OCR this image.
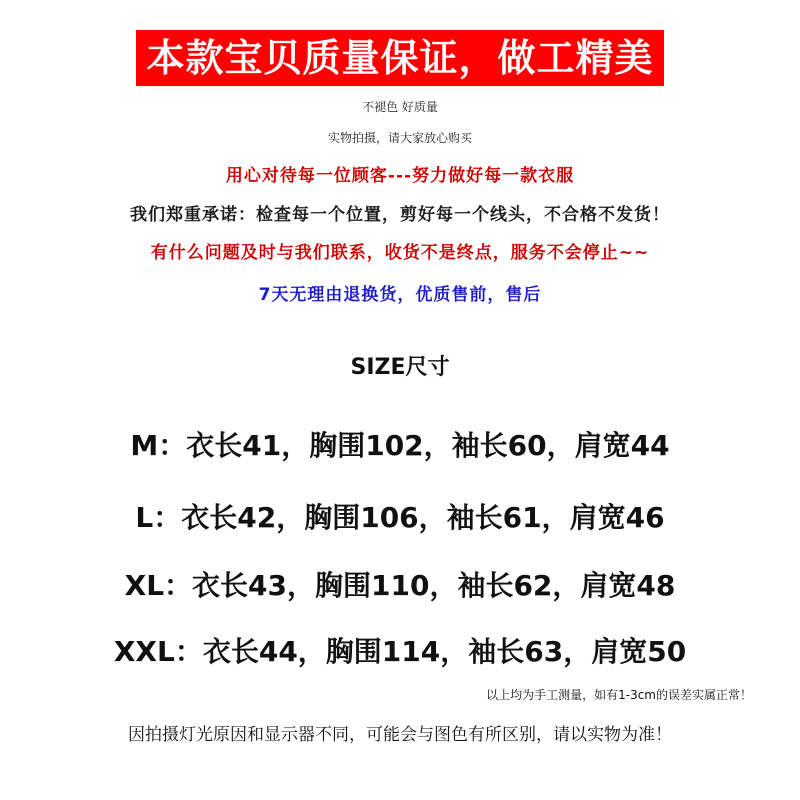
本款宝贝质量保证，做工精美
不褪色 好质量
实物拍摄，请大家放心购买
用心对待每一位顾客---努力做好每一款衣服
我们郑重承诺：检查每一个位置，剪好每一个线头，不合格不发货！
有什么问题及时与我们联系，收货不是终点，服务不会停止~~
7天无理由退换货，优质售前，售后
SIZE尺寸
M：衣长41，胸围102，袖长60，肩宽44
L：衣长42，胸围106，袖长61，肩宽46
XL：衣长43，胸围110，袖长62，肩宽48
XXL：衣长44，胸围114，袖长63，肩宽50
以上均为手工测量，如有1-3cm的误差实属正常！
因拍摄灯光原因和显示器不同，可能会与图色有所区别，请以实物为准！
